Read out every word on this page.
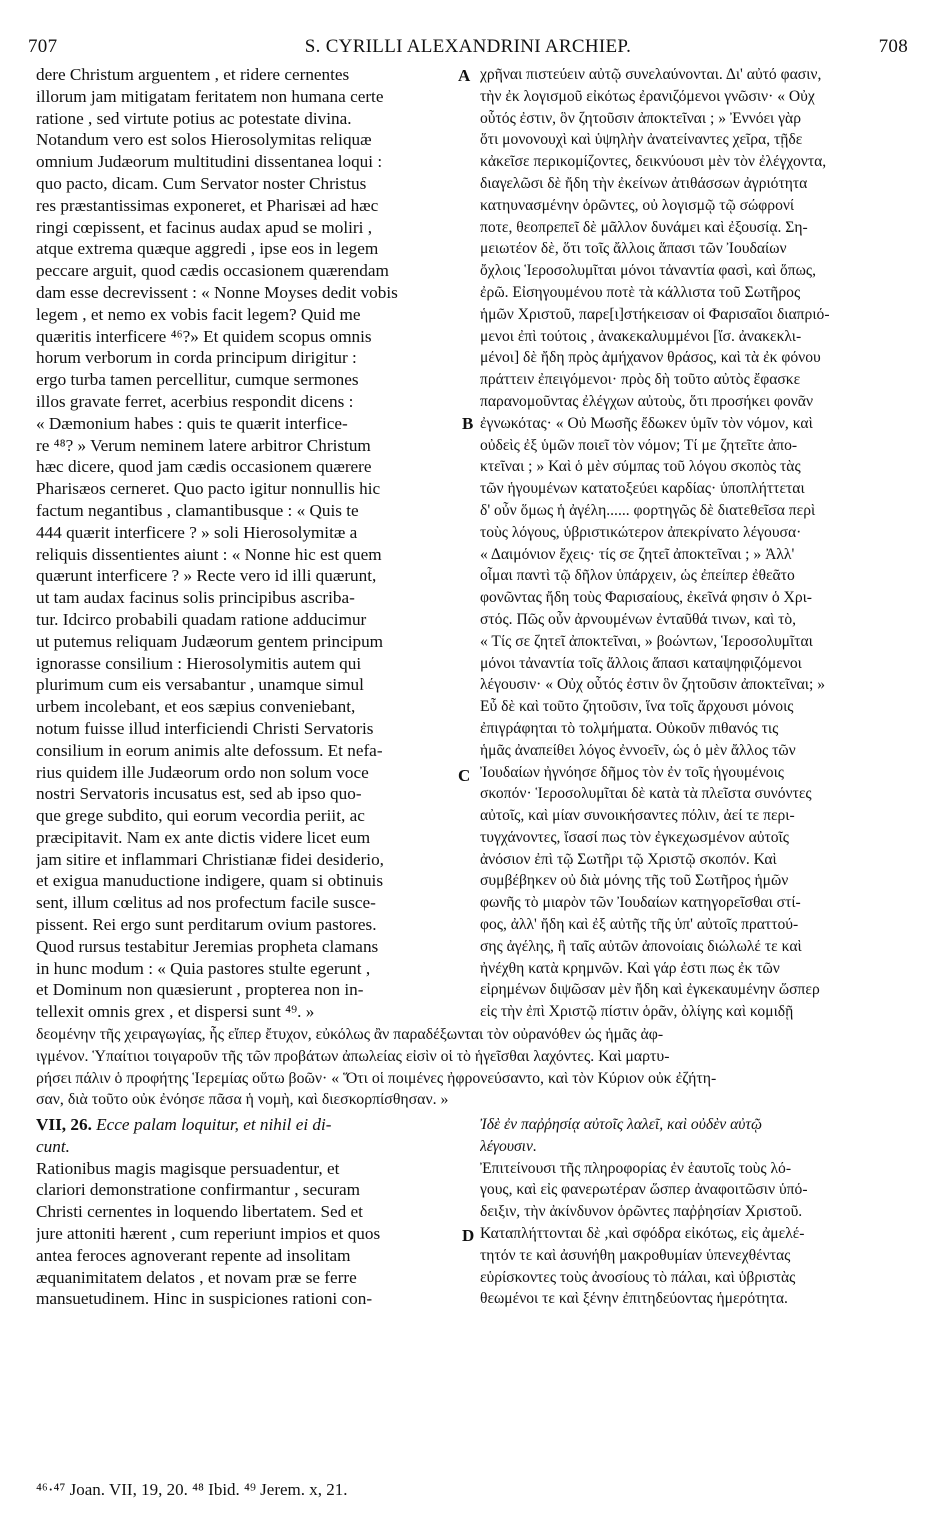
707	S. CYRILLI ALEXANDRINI ARCHIEP.	708
dere Christum arguentem , et ridere cernentes
illorum jam mitigatam feritatem non humana certe
ratione , sed virtute potius ac potestate divina.
Notandum vero est solos Hierosolymitas reliquæ
omnium Judæorum multitudini dissentanea loqui :
quo pacto, dicam. Cum Servator noster Christus
res præstantissimas exponeret, et Pharisæi ad hæc
ringi cœpissent, et facinus audax apud se moliri ,
atque extrema quæque aggredi , ipse eos in legem
peccare arguit, quod cædis occasionem quærendam
dam esse decrevissent : « Nonne Moyses dedit vobis
legem , et nemo ex vobis facit legem? Quid me
quæritis interficere ⁴⁶?» Et quidem scopus omnis
horum verborum in corda principum dirigitur :
ergo turba tamen percellitur, cumque sermones
illos gravate ferret, acerbius respondit dicens :
« Dæmonium habes : quis te quærit interfice-
re ⁴⁸? » Verum neminem latere arbitror Christum
hæc dicere, quod jam cædis occasionem quærere
Pharisæos cerneret. Quo pacto igitur nonnullis hic
factum negantibus , clamantibusque : « Quis te
444 quærit interficere ? » soli Hierosolymitæ a
reliquis dissentientes aiunt : « Nonne hic est quem
quærunt interficere ? » Recte vero id illi quærunt,
ut tam audax facinus solis principibus ascriba-
tur. Idcirco probabili quadam ratione adducimur
ut putemus reliquam Judæorum gentem principum
ignorasse consilium : Hierosolymitis autem qui
plurimum cum eis versabantur , unamque simul
urbem incolebant, et eos sæpius conveniebant,
notum fuisse illud interficiendi Christi Servatoris
consilium in eorum animis alte defossum. Et nefa-
rius quidem ille Judæorum ordo non solum voce
nostri Servatoris incusatus est, sed ab ipso quo-
que grege subdito, qui eorum vecordia periit, ac
præcipitavit. Nam ex ante dictis videre licet eum
jam sitire et inflammari Christianæ fidei desiderio,
et exigua manuductione indigere, quam si obtinuis
sent, illum cœlitus ad nos profectum facile susce-
pissent. Rei ergo sunt perditarum ovium pastores.
Quod rursus testabitur Jeremias propheta clamans
in hunc modum : « Quia pastores stulte egerunt ,
et Dominum non quæsierunt , propterea non in-
tellexit omnis grex , et dispersi sunt ⁴⁹. »
χρῆναι πιστεύειν αὐτῷ συνελαύνονται. Δι' αὐτό φασιν,
τὴν ἐκ λογισμοῦ εἰκότως ἐρανιζόμενοι γνῶσιν· « Οὐχ
οὗτός ἐστιν, ὃν ζητοῦσιν ἀποκτεῖναι ; » Ἐννόει γὰρ
ὅτι μονονουχὶ καὶ ὑψηλὴν ἀνατείναντες χεῖρα, τῇδε
κἀκεῖσε περικομίζοντες, δεικνύουσι μὲν τὸν ἐλέγχοντα,
διαγελῶσι δὲ ἤδη τὴν ἐκείνων ἀτιθάσσων ἀγριότητα
κατηυνασμένην ὁρῶντες, οὐ λογισμῷ τῷ σώφρονί
ποτε, θεοπρεπεῖ δὲ μᾶλλον δυνάμει καὶ ἐξουσίᾳ. Ση-
μειωτέον δὲ, ὅτι τοῖς ἄλλοις ἅπασι τῶν Ἰουδαίων
ὄχλοις Ἱεροσολυμῖται μόνοι τἀναντία φασὶ, καὶ ὅπως,
ἐρῶ. Εἰσηγουμένου ποτὲ τὰ κάλλιστα τοῦ Σωτῆρος
ἡμῶν Χριστοῦ, παρε[ι]στήκεισαν οἱ Φαρισαῖοι διαπριό-
μενοι ἐπὶ τούτοις , ἀνακεκαλυμμένοι [ἴσ. ἀνακεκλι-
μένοι] δὲ ἤδη πρὸς ἀμήχανον θράσος, καὶ τὰ ἐκ φόνου
πράττειν ἐπειγόμενοι· πρὸς δὴ τοῦτο αὐτὸς ἔφασκε
παρανομοῦντας ἐλέγχων αὐτοὺς, ὅτι προσήκει φονᾶν
ἐγνωκότας· « Οὐ Μωσῆς ἔδωκεν ὑμῖν τὸν νόμον, καὶ
οὐδεὶς ἐξ ὑμῶν ποιεῖ τὸν νόμον; Τί με ζητεῖτε ἀπο-
κτεῖναι ; » Καὶ ὁ μὲν σύμπας τοῦ λόγου σκοπὸς τὰς
τῶν ἡγουμένων κατατοξεύει καρδίας· ὑποπλήττεται
δ' οὖν ὅμως ἡ ἀγέλη...... φορτηγῶς δὲ διατεθεῖσα περὶ
τοὺς λόγους, ὑβριστικώτερον ἀπεκρίνατο λέγουσα·
« Δαιμόνιον ἔχεις· τίς σε ζητεῖ ἀποκτεῖναι ; » Ἀλλ'
οἶμαι παντὶ τῷ δῆλον ὑπάρχειν, ὡς ἐπείπερ ἐθεᾶτο
φονῶντας ἤδη τοὺς Φαρισαίους, ἐκεῖνά φησιν ὁ Χρι-
στός. Πῶς οὖν ἀρνουμένων ἐνταῦθά τινων, καὶ τὸ,
« Τίς σε ζητεῖ ἀποκτεῖναι, » βοώντων, Ἱεροσολυμῖται
μόνοι τἀναντία τοῖς ἄλλοις ἅπασι καταψηφιζόμενοι
λέγουσιν· « Οὐχ οὗτός ἐστιν ὃν ζητοῦσιν ἀποκτεῖναι; »
Εὖ δὲ καὶ τοῦτο ζητοῦσιν, ἵνα τοῖς ἄρχουσι μόνοις
ἐπιγράφηται τὸ τολμήματα. Οὐκοῦν πιθανός τις
ἡμᾶς ἀναπείθει λόγος ἐννοεῖν, ὡς ὁ μὲν ἄλλος τῶν
Ἰουδαίων ἠγνόησε δῆμος τὸν ἐν τοῖς ἡγουμένοις
σκοπόν· Ἱεροσολυμῖται δὲ κατὰ τὰ πλεῖστα συνόντες
αὐτοῖς, καὶ μίαν συνοικήσαντες πόλιν, ἀεί τε περι-
τυγχάνοντες, ἴσασί πως τὸν ἐγκεχωσμένον αὐτοῖς
ἀνόσιον ἐπὶ τῷ Σωτῆρι τῷ Χριστῷ σκοπόν. Καὶ
συμβέβηκεν οὐ διὰ μόνης τῆς τοῦ Σωτῆρος ἡμῶν
φωνῆς τὸ μιαρὸν τῶν Ἰουδαίων κατηγορεῖσθαι στί-
φος, ἀλλ' ἤδη καὶ ἐξ αὐτῆς τῆς ὑπ' αὐτοῖς πραττού-
σης ἀγέλης, ἣ ταῖς αὐτῶν ἀπονοίαις διώλωλέ τε καὶ
ἠνέχθη κατὰ κρημνῶν. Καὶ γάρ ἐστι πως ἐκ τῶν
εἰρημένων διψῶσαν μὲν ἤδη καὶ ἐγκεκαυμένην ὥσπερ
εἰς τὴν ἐπὶ Χριστῷ πίστιν ὁρᾶν, ὀλίγης καὶ κομιδῇ
A
B
C
D
δεομένην τῆς χειραγωγίας, ἧς εἴπερ ἔτυχον, εὐκόλως ἂν παραδέξωνται τὸν οὐρανόθεν ὡς ἡμᾶς ἀφ-
ιγμένον. Ὑπαίτιοι τοιγαροῦν τῆς τῶν προβάτων ἀπωλείας εἰσὶν οἱ τὸ ἡγεῖσθαι λαχόντες. Καὶ μαρτυ-
ρήσει πάλιν ὁ προφήτης Ἱερεμίας οὕτω βοῶν· « Ὅτι οἱ ποιμένες ἠφρονεύσαντο, καὶ τὸν Κύριον οὐκ ἐζήτη-
σαν, διὰ τοῦτο οὐκ ἐνόησε πᾶσα ἡ νομὴ, καὶ διεσκορπίσθησαν. »
VII, 26. Ecce palam loquitur, et nihil ei di-
cunt.
Rationibus magis magisque persuadentur, et
clariori demonstratione confirmantur , securam
Christi cernentes in loquendo libertatem. Sed et
jure attoniti hærent , cum reperiunt impios et quos
antea feroces agnoverant repente ad insolitam
æquanimitatem delatos , et novam præ se ferre
mansuetudinem. Hinc in suspiciones rationi con-
Ἰδὲ ἐν παῤῥησίᾳ αὐτοῖς λαλεῖ, καὶ οὐδὲν αὐτῷ
λέγουσιν.
Ἐπιτείνουσι τῆς πληροφορίας ἐν ἑαυτοῖς τοὺς λό-
γους, καὶ εἰς φανερωτέραν ὥσπερ ἀναφοιτῶσιν ὑπό-
δειξιν, τὴν ἀκίνδυνον ὁρῶντες παῤῥησίαν Χριστοῦ.
Καταπλήττονται δὲ ,καὶ σφόδρα εἰκότως, εἰς ἀμελέ-
τητόν τε καὶ ἀσυνήθη μακροθυμίαν ὑπενεχθέντας
εὑρίσκοντες τοὺς ἀνοσίους τὸ πάλαι, καὶ ὑβριστὰς
θεωμένοι τε καὶ ξένην ἐπιτηδεύοντας ἡμερότητα.
⁴⁶·⁴⁷ Joan. VII, 19, 20. ⁴⁸ Ibid. ⁴⁹ Jerem. x, 21.
